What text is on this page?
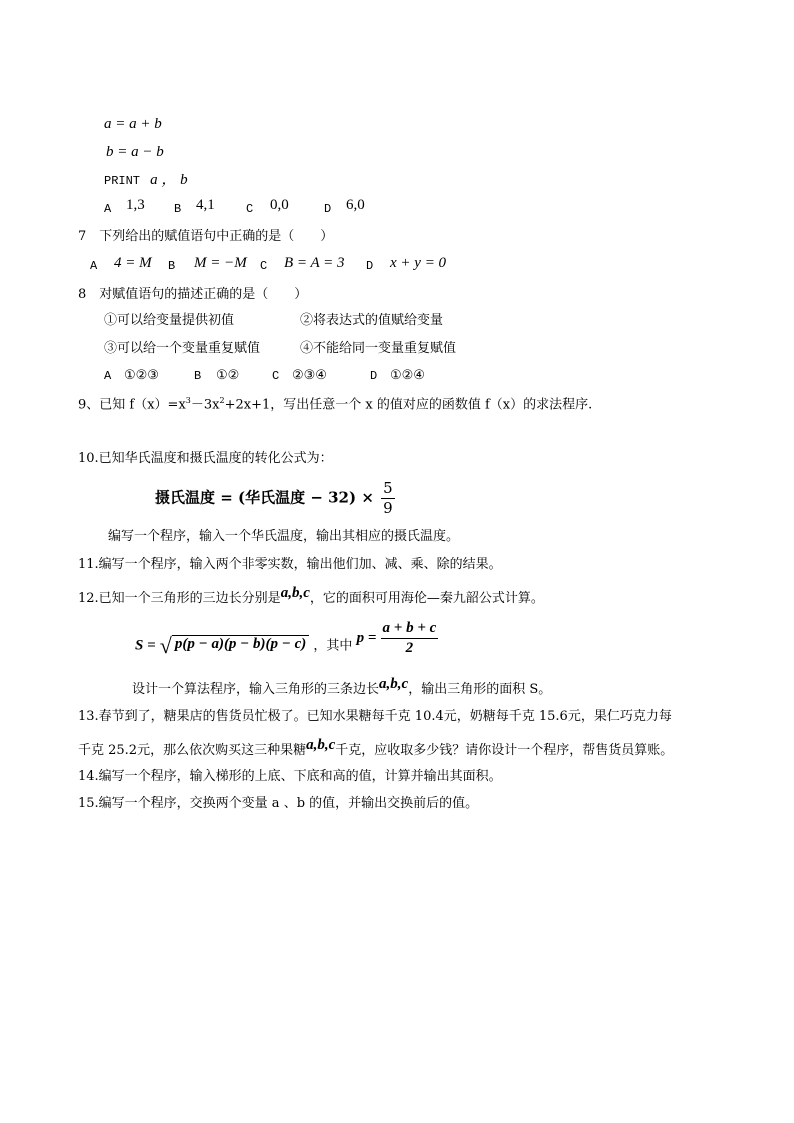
a = a + b
b = a − b
PRINT a ， b
A 1,3 B 4,1	C 0,0	D 6,0
7　下列给出的赋值语句中正确的是（　　）
A 4 = M B M = −M C B = A = 3 D x + y = 0
8　对赋值语句的描述正确的是（　　）
①可以给变量提供初值	②将表达式的值赋给变量
③可以给一个变量重复赋值	④不能给同一变量重复赋值
A ①②③	B ①②	C ②③④	D ①②④
9、已知 $f(x)=x^3-3x^2+2x+1$，写出任意一个 x 的值对应的函数值 f（x）的求法程序.
10.已知华氏温度和摄氏温度的转化公式为：
摄氏温度 = (华氏温度 − $32) \times \frac{5}{9}$
编写一个程序，输入一个华氏温度，输出其相应的摄氏温度。
11.编写一个程序，输入两个非零实数，输出他们加、减、乘、除的结果。
12.已知一个三角形的三边长分别是a,b,c，它的面积可用海伦—秦九韶公式计算。
S = √ p(p − a)(p − b)(p − c) ，其中 $p = \frac{a + b + c}{2}$
设计一个算法程序，输入三角形的三条边长a,b,c，输出三角形的面积 S。
13.春节到了，糖果店的售货员忙极了。已知水果糖每千克 10.4元，奶糖每千克 15.6元，果仁巧克力每
千克 25.2元，那么依次购买这三种果糖a,b,c千克，应收取多少钱？请你设计一个程序，帮售货员算账。
14.编写一个程序，输入梯形的上底、下底和高的值，计算并输出其面积。
15.编写一个程序，交换两个变量 a 、b 的值，并输出交换前后的值。
